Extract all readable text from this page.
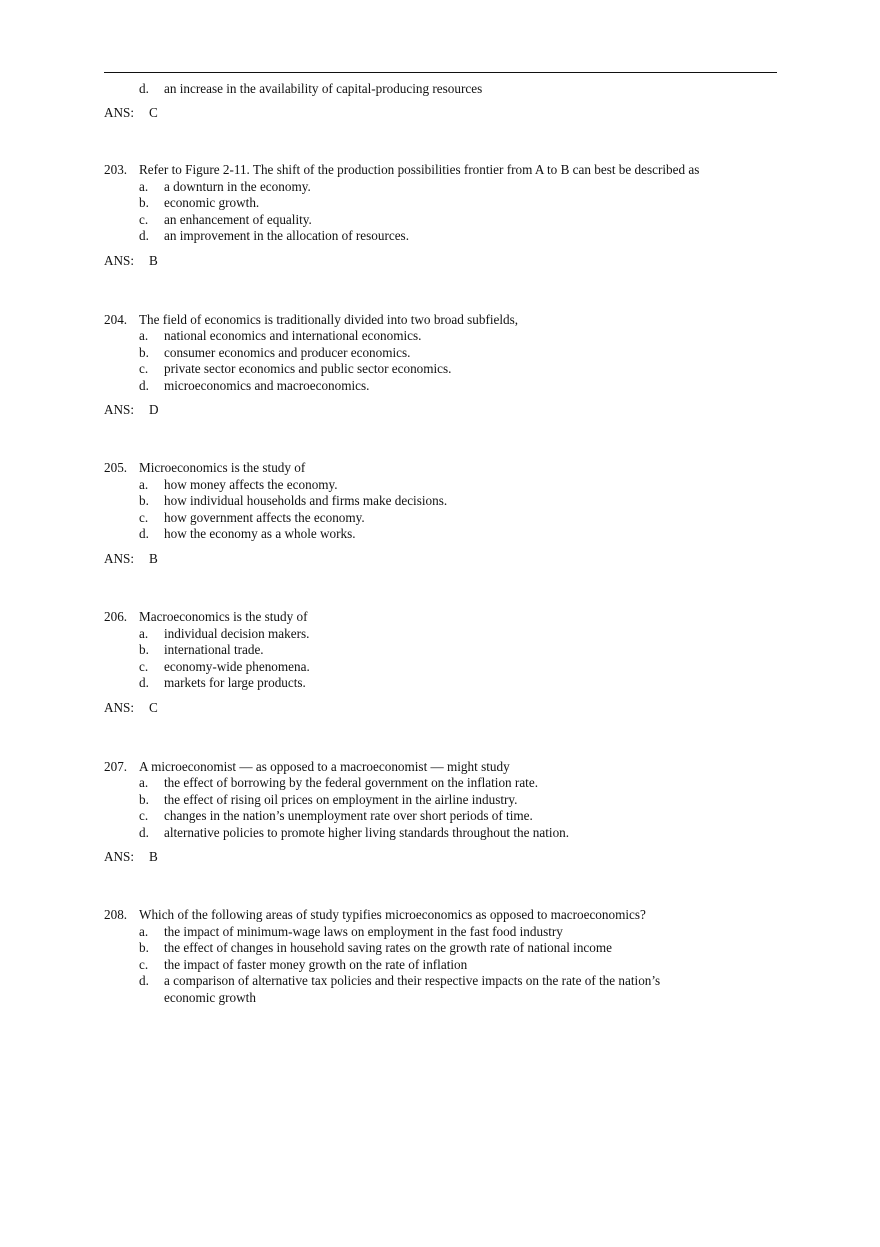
d. an increase in the availability of capital-producing resources
ANS: C
203. Refer to Figure 2-11. The shift of the production possibilities frontier from A to B can best be described as
a. a downturn in the economy.
b. economic growth.
c. an enhancement of equality.
d. an improvement in the allocation of resources.
ANS: B
204. The field of economics is traditionally divided into two broad subfields,
a. national economics and international economics.
b. consumer economics and producer economics.
c. private sector economics and public sector economics.
d. microeconomics and macroeconomics.
ANS: D
205. Microeconomics is the study of
a. how money affects the economy.
b. how individual households and firms make decisions.
c. how government affects the economy.
d. how the economy as a whole works.
ANS: B
206. Macroeconomics is the study of
a. individual decision makers.
b. international trade.
c. economy-wide phenomena.
d. markets for large products.
ANS: C
207. A microeconomist — as opposed to a macroeconomist — might study
a. the effect of borrowing by the federal government on the inflation rate.
b. the effect of rising oil prices on employment in the airline industry.
c. changes in the nation’s unemployment rate over short periods of time.
d. alternative policies to promote higher living standards throughout the nation.
ANS: B
208. Which of the following areas of study typifies microeconomics as opposed to macroeconomics?
a. the impact of minimum-wage laws on employment in the fast food industry
b. the effect of changes in household saving rates on the growth rate of national income
c. the impact of faster money growth on the rate of inflation
d. a comparison of alternative tax policies and their respective impacts on the rate of the nation’s
economic growth
